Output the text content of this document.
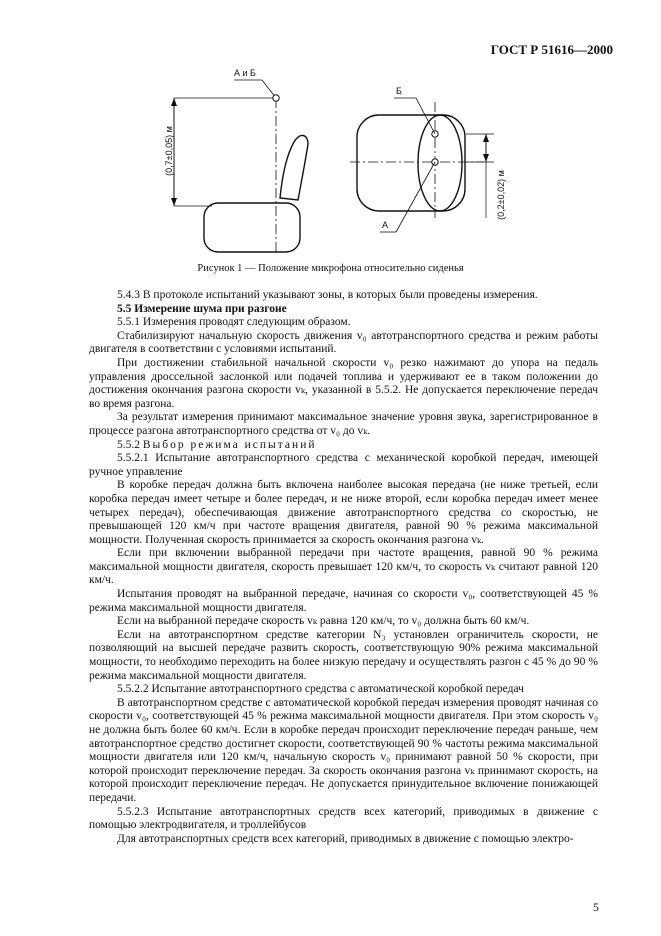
ГОСТ Р 51616—2000
А и Б
Б
А
(0,7±0,05) м
(0,2±0,02) м
Рисунок 1 — Положение микрофона относительно сиденья

5.4.3 В протоколе испытаний указывают зоны, в которых были проведены измерения.

5.5 Измерение шума при разгоне

5.5.1 Измерения проводят следующим образом.

Стабилизируют начальную скорость движения v₀ автотранспортного средства и режим работы двигателя в соответствии с условиями испытаний.

При достижении стабильной начальной скорости v₀ резко нажимают до упора на педаль управления дроссельной заслонкой или подачей топлива и удерживают ее в таком положении до достижения окончания разгона скорости vₖ, указанной в 5.5.2. Не допускается переключение передач во время разгона.

За результат измерения принимают максимальное значение уровня звука, зарегистрированное в процессе разгона автотранспортного средства от v₀ до vₖ.

5.5.2 Выбор режима испытаний

5.5.2.1 Испытание автотранспортного средства с механической коробкой передач, имеющей ручное управление

В коробке передач должна быть включена наиболее высокая передача (не ниже третьей, если коробка передач имеет четыре и более передач, и не ниже второй, если коробка передач имеет менее четырех передач), обеспечивающая движение автотранспортного средства со скоростью, не превышающей 120 км/ч при частоте вращения двигателя, равной 90 % режима максимальной мощности. Полученная скорость принимается за скорость окончания разгона vₖ.

Если при включении выбранной передачи при частоте вращения, равной 90 % режима максимальной мощности двигателя, скорость превышает 120 км/ч, то скорость vₖ считают равной 120 км/ч.

Испытания проводят на выбранной передаче, начиная со скорости v₀, соответствующей 45 % режима максимальной мощности двигателя.

Если на выбранной передаче скорость vₖ равна 120 км/ч, то v₀ должна быть 60 км/ч.

Если на автотранспортном средстве категории N₃ установлен ограничитель скорости, не позволяющий на высшей передаче развить скорость, соответствующую 90% режима максимальной мощности, то необходимо переходить на более низкую передачу и осуществлять разгон с 45 % до 90 % режима максимальной мощности двигателя.

5.5.2.2 Испытание автотранспортного средства с автоматической коробкой передач

В автотранспортном средстве с автоматической коробкой передач измерения проводят начиная со скорости v₀, соответствующей 45 % режима максимальной мощности двигателя. При этом скорость v₀ не должна быть более 60 км/ч. Если в коробке передач происходит переключение передач раньше, чем автотранспортное средство достигнет скорости, соответствующей 90 % частоты режима максимальной мощности двигателя или 120 км/ч, начальную скорость v₀ принимают равной 50 % скорости, при которой происходит переключение передач. За скорость окончания разгона vₖ принимают скорость, на которой происходит переключение передач. Не допускается принудительное включение понижающей передачи.

5.5.2.3 Испытание автотранспортных средств всех категорий, приводимых в движение с помощью электродвигателя, и троллейбусов

Для автотранспортных средств всех категорий, приводимых в движение с помощью электро-

5
